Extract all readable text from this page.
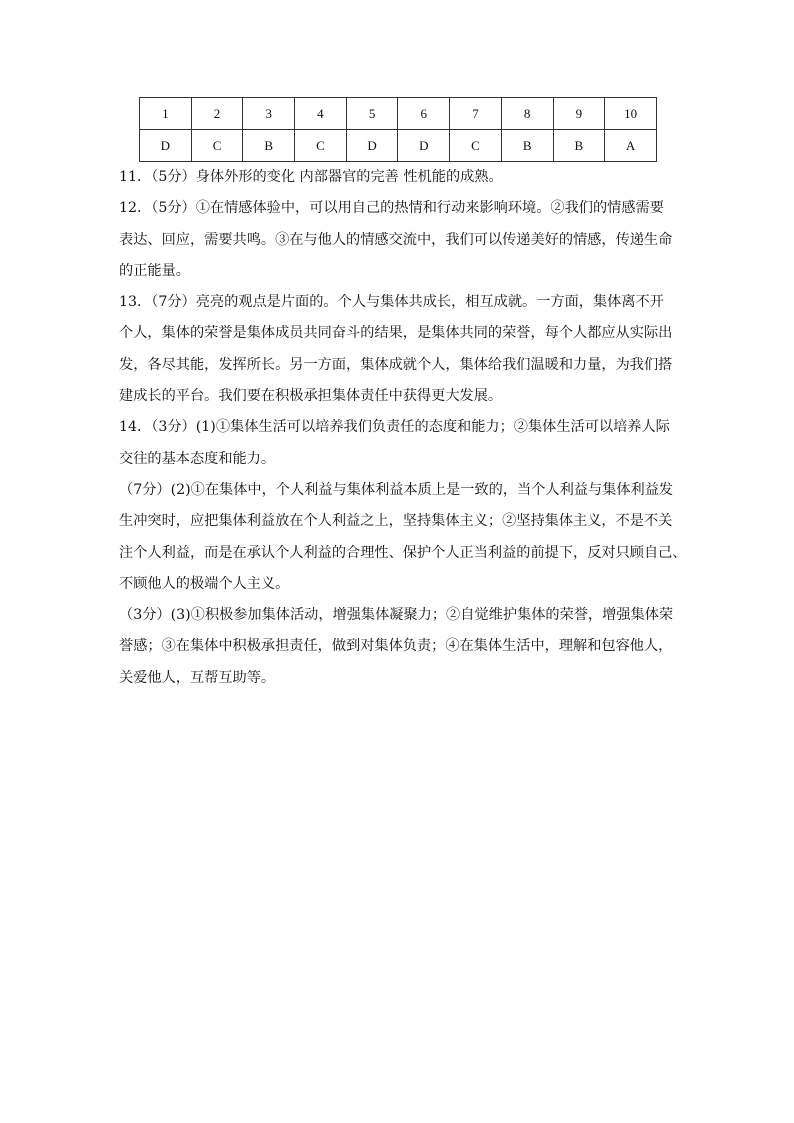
1	2	3	4	5	6	7	8	9	10
D	C	B	C	D	D	C	B	B	A
11．（5分）身体外形的变化 内部器官的完善 性机能的成熟。
12．（5分）①在情感体验中，可以用自己的热情和行动来影响环境。②我们的情感需要
表达、回应，需要共鸣。③在与他人的情感交流中，我们可以传递美好的情感，传递生命
的正能量。
13．（7分）亮亮的观点是片面的。个人与集体共成长，相互成就。一方面，集体离不开
个人，集体的荣誉是集体成员共同奋斗的结果，是集体共同的荣誉，每个人都应从实际出
发，各尽其能，发挥所长。另一方面，集体成就个人，集体给我们温暖和力量，为我们搭
建成长的平台。我们要在积极承担集体责任中获得更大发展。
14．（3分）(1)①集体生活可以培养我们负责任的态度和能力；②集体生活可以培养人际
交往的基本态度和能力。
（7分）(2)①在集体中，个人利益与集体利益本质上是一致的，当个人利益与集体利益发
生冲突时，应把集体利益放在个人利益之上，坚持集体主义；②坚持集体主义，不是不关
注个人利益，而是在承认个人利益的合理性、保护个人正当利益的前提下，反对只顾自己、
不顾他人的极端个人主义。
（3分）(3)①积极参加集体活动，增强集体凝聚力；②自觉维护集体的荣誉，增强集体荣
誉感；③在集体中积极承担责任，做到对集体负责；④在集体生活中，理解和包容他人，
关爱他人，互帮互助等。
